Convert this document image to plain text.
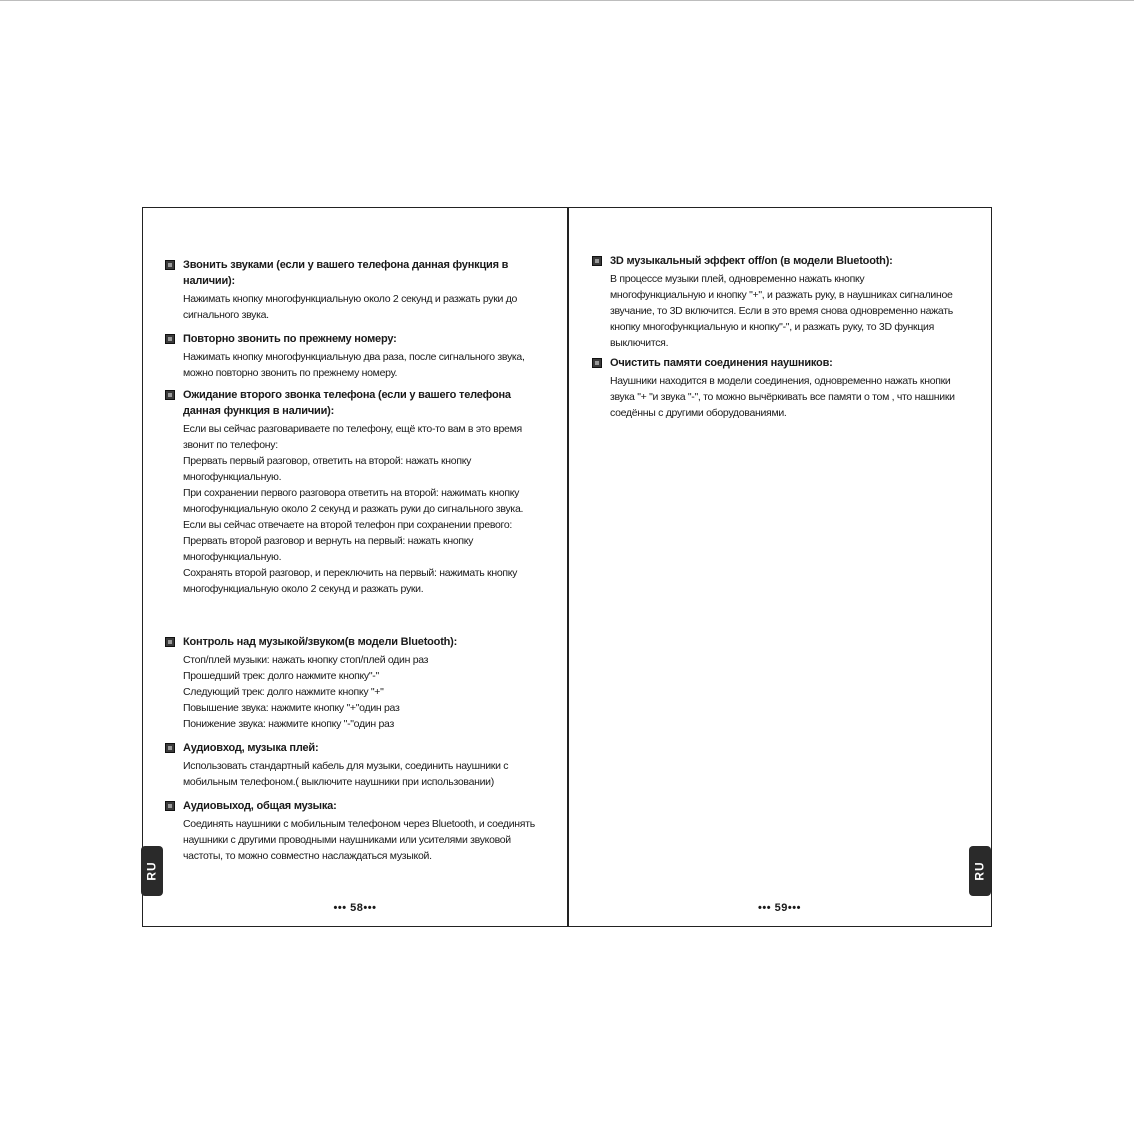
Звонить звуками (если у вашего телефона данная функция в наличии):
Нажимать кнопку многофункциальную около 2 секунд и разжать руки до сигнального звука.
Повторно звонить по прежнему номеру:
Нажимать кнопку многофункциальную два раза, после сигнального звука, можно повторно звонить по прежнему номеру.
Ожидание второго звонка телефона (если у вашего телефона данная функция в наличии):
Если вы сейчас разговариваете по телефону, ещё кто-то вам в это время звонит по телефону:
Прервать первый разговор, ответить на второй: нажать кнопку многофункциальную.
При сохранении первого разговора ответить на второй: нажимать кнопку многофункциальную около 2 секунд и разжать руки до сигнального звука.
Если вы сейчас отвечаете на второй телефон при сохранении превого:
Прервать второй разговор и вернуть на первый: нажать кнопку многофункциальную.
Сохранять второй разговор, и переключить на первый: нажимать кнопку многофункциальную около 2 секунд и разжать руки.
Контроль над музыкой/звуком(в модели Bluetooth):
Стоп/плей музыки: нажать кнопку стоп/плей один раз
Прошедший трек: долго нажмите кнопку"-"
Следующий трек: долго нажмите кнопку "+"
Повышение звука: нажмите кнопку "+"один раз
Понижение звука: нажмите кнопку "-"один раз
Аудиовход, музыка плей:
Использовать стандартный кабель для музыки, соединить наушники с мобильным телефоном.( выключите наушники при использовании)
Аудиовыход, общая музыка:
Соединять наушники с мобильным телефоном через Bluetooth, и соединять наушники с другими проводными наушниками или усителями звуковой частоты, то можно совместно наслаждаться музыкой.
RU
••• 58•••
3D музыкальный эффект off/on (в модели Bluetooth):
В процессе музыки плей, одновременно нажать кнопку многофункциальную и кнопку "+", и разжать руку, в наушниках сигналиное звучание, то 3D включится. Если в это время снова одновременно нажать кнопку многофункциальную и кнопку"-", и разжать руку, то 3D функция выключится.
Очистить памяти соединения наушников:
Наушники находится в модели соединения, одновременно нажать кнопки звука "+ "и звука "-", то можно вычёркивать все памяти о том , что нашники соедённы с другими оборудованиями.
RU
••• 59•••
